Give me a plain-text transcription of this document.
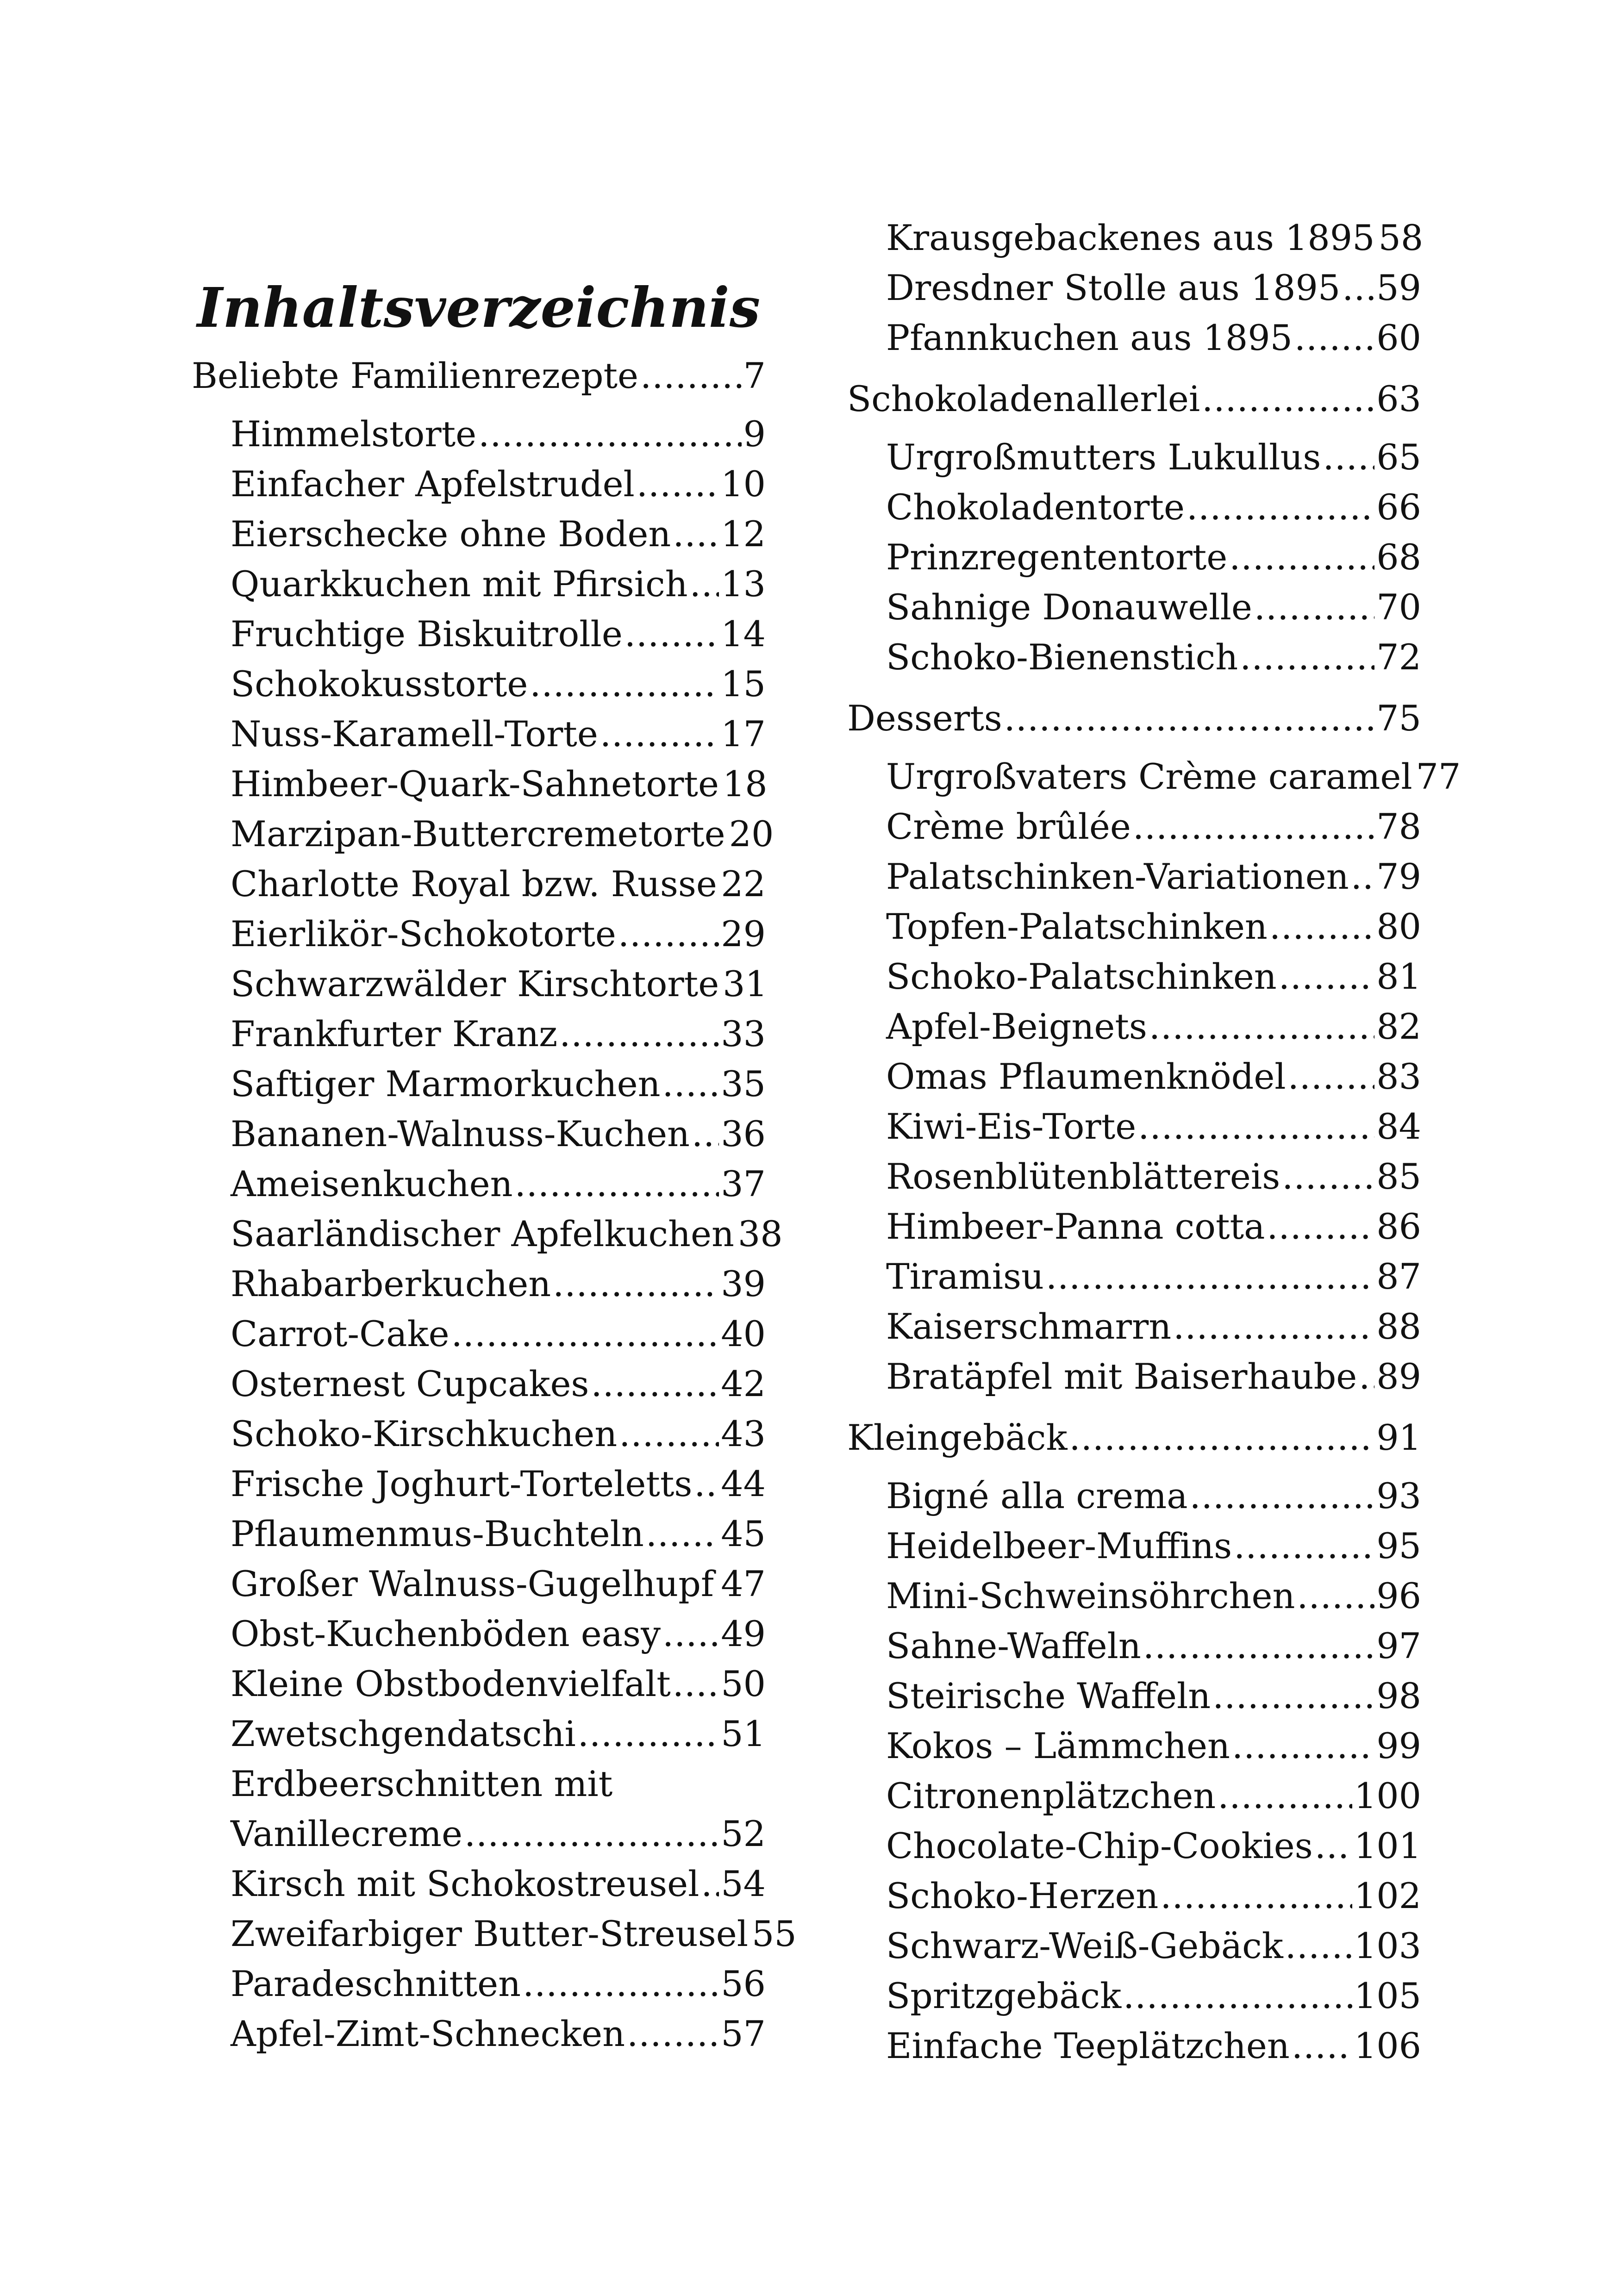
Inhaltsverzeichnis
Beliebte Familienrezepte .....	7
Himmelstorte .....	9
Einfacher Apfelstrudel ..... 10
Eierschecke ohne Boden ..... 12
Quarkkuchen mit Pfirsich ..... 13
Fruchtige Biskuitrolle .....	14
Schokokusstorte .....	15
Nuss-Karamell-Torte .....	17
Himbeer-Quark-Sahnetorte 18
Marzipan-Buttercremetorte 20
Charlotte Royal bzw. Russe ..... 22
Eierlikör-Schokotorte .....	29
Schwarzwälder Kirschtorte 31
Frankfurter Kranz .....	33
Saftiger Marmorkuchen ..... 35
Bananen-Walnuss-Kuchen ..... 36
Ameisenkuchen .....	37
Saarländischer Apfelkuchen 38
Rhabarberkuchen .....	39
Carrot-Cake .....	40
Osternest Cupcakes .....	42
Schoko-Kirschkuchen .....	43
Frische Joghurt-Torteletts ..... 44
Pflaumenmus-Buchteln ..... 45
Großer Walnuss-Gugelhupf ..... 47
Obst-Kuchenböden easy ..... 49
Kleine Obstbodenvielfalt ..... 50
Zwetschgendatschi .....	51
Erdbeerschnitten mit
Vanillecreme .....	52
Kirsch mit Schokostreusel ..... 54
Zweifarbiger Butter-Streusel 55
Paradeschnitten .....	56
Apfel-Zimt-Schnecken .....	57
Krausgebackenes aus 1895 58
Dresdner Stolle aus 1895 ..... 59
Pfannkuchen aus 1895 ..... 60
Schokoladenallerlei .....	63
Urgroßmutters Lukullus ..... 65
Chokoladentorte .....	66
Prinzregententorte .....	68
Sahnige Donauwelle .....	70
Schoko-Bienenstich .....	72
Desserts .....	75
Urgroßvaters Crème caramel 77
Crème brûlée .....	78
Palatschinken-Variationen ..... 79
Topfen-Palatschinken .....	80
Schoko-Palatschinken .....	81
Apfel-Beignets .....	82
Omas Pflaumenknödel .....	83
Kiwi-Eis-Torte .....	84
Rosenblütenblättereis .....	85
Himbeer-Panna cotta .....	86
Tiramisu .....	87
Kaiserschmarrn .....	88
Bratäpfel mit Baiserhaube ..... 89
Kleingebäck .....	91
Bigné alla crema .....	93
Heidelbeer-Muffins .....	95
Mini-Schweinsöhrchen ..... 96
Sahne-Waffeln .....	97
Steirische Waffeln .....	98
Kokos – Lämmchen .....	99
Citronenplätzchen .....	100
Chocolate-Chip-Cookies ..... 101
Schoko-Herzen .....	102
Schwarz-Weiß-Gebäck ..... 103
Spritzgebäck .....	105
Einfache Teeplätzchen ..... 106
